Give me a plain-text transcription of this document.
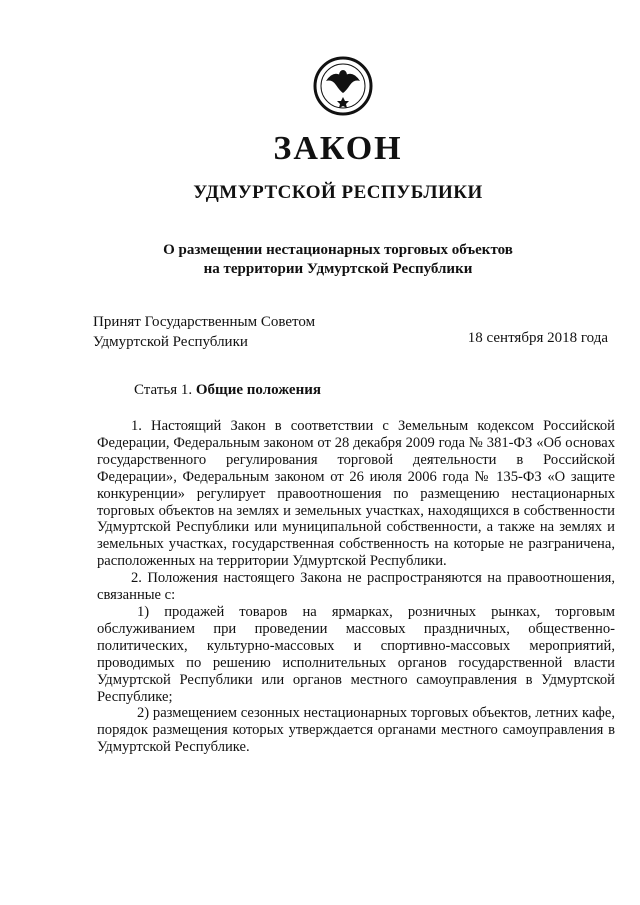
ЗАКОН
УДМУРТСКОЙ РЕСПУБЛИКИ
О размещении нестационарных торговых объектов
на территории Удмуртской Республики
Принят Государственным Советом
Удмуртской Республики	18 сентября 2018 года
Статья 1. Общие положения

1. Настоящий Закон в соответствии с Земельным кодексом Российской Федерации, Федеральным законом от 28 декабря 2009 года № 381-ФЗ «Об основах государственного регулирования торговой деятельности в Российской Федерации», Федеральным законом от 26 июля 2006 года № 135-ФЗ «О защите конкуренции» регулирует правоотношения по размещению нестационарных торговых объектов на землях и земельных участках, находящихся в собственности Удмуртской Республики или муниципальной собственности, а также на землях и земельных участках, государственная собственность на которые не разграничена, расположенных на территории Удмуртской Республики.

2. Положения настоящего Закона не распространяются на правоотношения, связанные с:

1) продажей товаров на ярмарках, розничных рынках, торговым обслуживанием при проведении массовых праздничных, общественно-политических, культурно-массовых и спортивно-массовых мероприятий, проводимых по решению исполнительных органов государственной власти Удмуртской Республики или органов местного самоуправления в Удмуртской Республике;

2) размещением сезонных нестационарных торговых объектов, летних кафе, порядок размещения которых утверждается органами местного самоуправления в Удмуртской Республике.
